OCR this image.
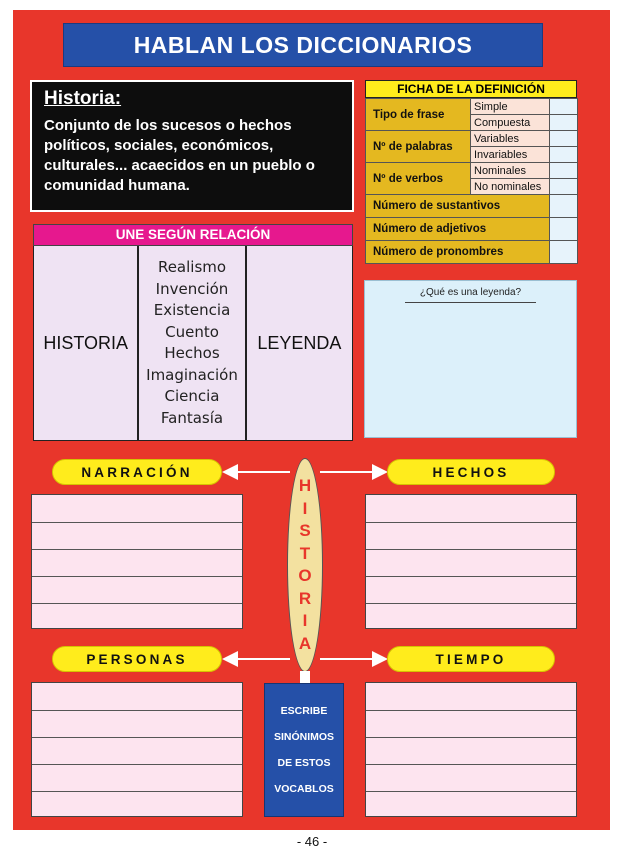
HABLAN LOS DICCIONARIOS
Historia:
Conjunto de los sucesos o hechos políticos, sociales, económicos, culturales... acaecidos en un pueblo o comunidad humana.
FICHA DE LA DEFINICIÓN
Tipo de frase	Simple	
	Compuesta	
Nº de palabras	Variables	
	Invariables	
Nº de verbos	Nominales	
	No nominales	
Número de sustantivos		
Número de adjetivos		
Número de pronombres		
UNE SEGÚN RELACIÓN
HISTORIA
Realismo
Invención
Existencia
Cuento
Hechos
Imaginación
Ciencia
Fantasía
LEYENDA
¿Qué es una leyenda?
NARRACIÓN	HECHOS
PERSONAS	TIEMPO
H
I
S
T
O
R
I
A
ESCRIBE
SINÓNIMOS
DE ESTOS
VOCABLOS
- 46 -
